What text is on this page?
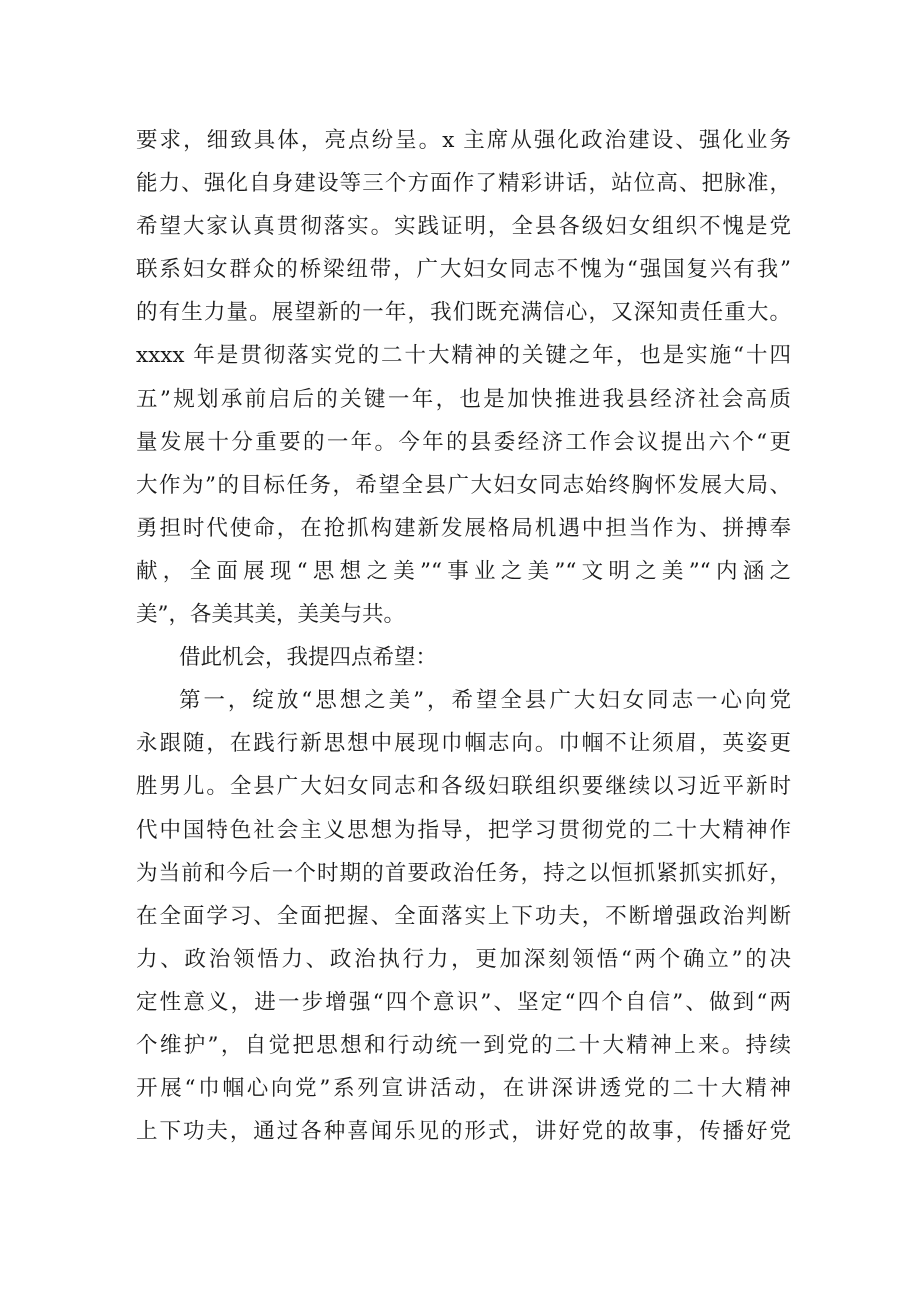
要求，细致具体，亮点纷呈。x 主席从强化政治建设、强化业务
能力、强化自身建设等三个方面作了精彩讲话，站位高、把脉准，
希望大家认真贯彻落实。实践证明，全县各级妇女组织不愧是党
联系妇女群众的桥梁纽带，广大妇女同志不愧为“强国复兴有我”
的有生力量。展望新的一年，我们既充满信心，又深知责任重大。
xxxx 年是贯彻落实党的二十大精神的关键之年，也是实施“十四
五”规划承前启后的关键一年，也是加快推进我县经济社会高质
量发展十分重要的一年。今年的县委经济工作会议提出六个“更
大作为”的目标任务，希望全县广大妇女同志始终胸怀发展大局、
勇担时代使命，在抢抓构建新发展格局机遇中担当作为、拼搏奉
献，全面展现“思想之美”“事业之美”“文明之美”“内涵之
美”，各美其美，美美与共。
借此机会，我提四点希望：
第一，绽放“思想之美”，希望全县广大妇女同志一心向党
永跟随，在践行新思想中展现巾帼志向。巾帼不让须眉，英姿更
胜男儿。全县广大妇女同志和各级妇联组织要继续以习近平新时
代中国特色社会主义思想为指导，把学习贯彻党的二十大精神作
为当前和今后一个时期的首要政治任务，持之以恒抓紧抓实抓好，
在全面学习、全面把握、全面落实上下功夫，不断增强政治判断
力、政治领悟力、政治执行力，更加深刻领悟“两个确立”的决
定性意义，进一步增强“四个意识”、坚定“四个自信”、做到“两
个维护”，自觉把思想和行动统一到党的二十大精神上来。持续
开展“巾帼心向党”系列宣讲活动，在讲深讲透党的二十大精神
上下功夫，通过各种喜闻乐见的形式，讲好党的故事，传播好党
